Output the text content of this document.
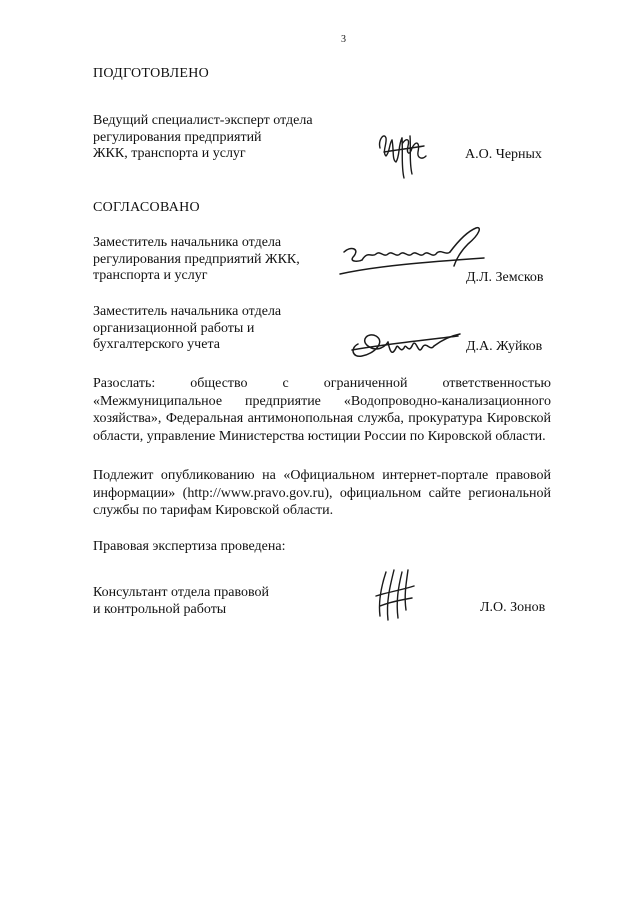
3
ПОДГОТОВЛЕНО
Ведущий специалист-эксперт отдела
регулирования предприятий
ЖКК, транспорта и услуг	А.О. Черных
СОГЛАСОВАНО
Заместитель начальника отдела
регулирования предприятий ЖКК,
транспорта и услуг	Д.Л. Земсков
Заместитель начальника отдела
организационной работы и
бухгалтерского учета	Д.А. Жуйков
Разослать: общество с ограниченной ответственностью «Межмуниципальное предприятие «Водопроводно-канализационного хозяйства», Федеральная антимонопольная служба, прокуратура Кировской области, управление Министерства юстиции России по Кировской области.
Подлежит опубликованию на «Официальном интернет-портале правовой информации» (http://www.pravo.gov.ru), официальном сайте региональной службы по тарифам Кировской области.
Правовая экспертиза проведена:
Консультант отдела правовой
и контрольной работы	Л.О. Зонов
